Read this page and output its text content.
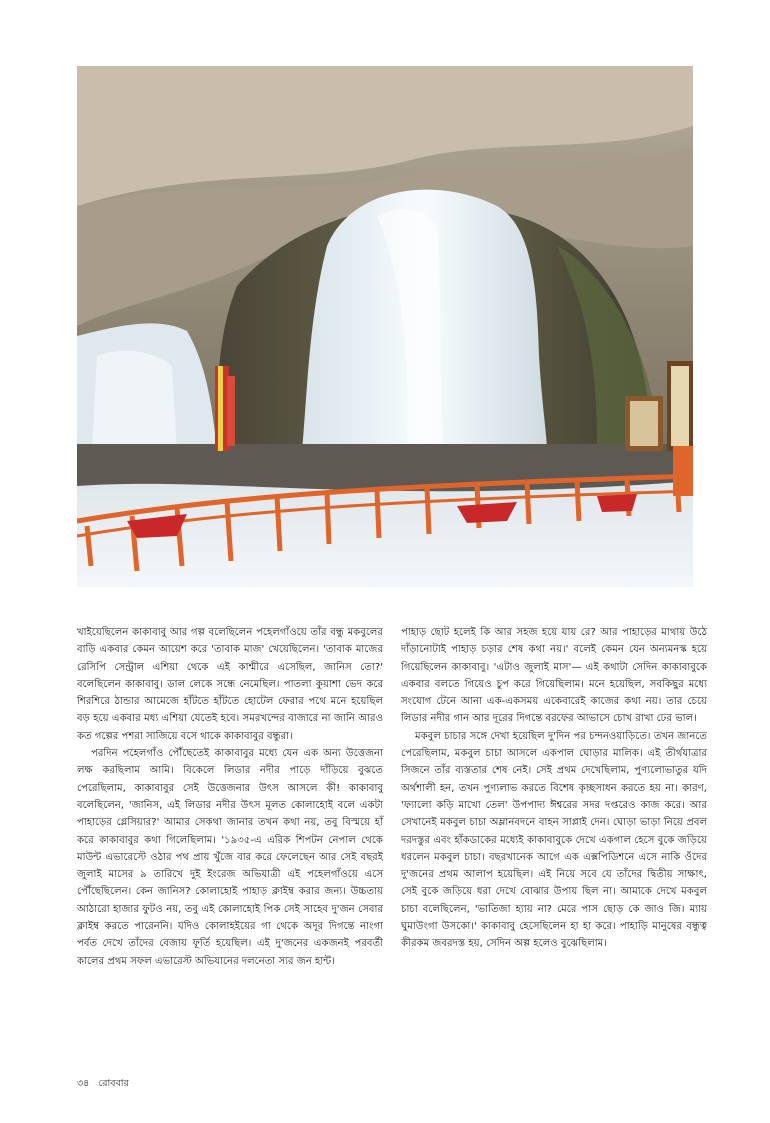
খাইয়েছিলেন কাকাবাবু আর গল্প বলেছিলেন পহেলগাঁওয়ে তাঁর বন্ধু মকবুলের বাড়ি একবার কেমন আয়েশ করে 'তাবাক মাজ' খেয়েছিলেন। 'তাবাক মাজের রেসিপি সেন্ট্রাল এশিয়া থেকে এই কাশ্মীরে এসেছিল, জানিস তো?' বলেছিলেন কাকাবাবু। ডাল লেকে সন্ধে নেমেছিল। পাতলা কুয়াশা ভেদ করে শিরশিরে ঠান্ডার আমেজে হাঁটতে হাঁটতে হোটেল ফেরার পথে মনে হয়েছিল বড় হয়ে একবার মধ্য এশিয়া যেতেই হবে। সমরখন্দের বাজারে না জানি আরও কত গল্পের পশরা সাজিয়ে বসে থাকে কাকাবাবুর বন্ধুরা।

পরদিন পহেলগাঁও পৌঁছেতেই কাকাবাবুর মধ্যে যেন এক অন্য উত্তেজনা লক্ষ করছিলাম আমি। বিকেলে লিডার নদীর পাড়ে দাঁড়িয়ে বুঝতে পেরেছিলাম, কাকাবাবুর সেই উত্তেজনার উৎস আসলে কী! কাকাবাবু বলেছিলেন, 'জানিস, এই লিডার নদীর উৎস মূলত কোলাহোই বলে একটা পাহাড়ের গ্লেসিয়ার?' আমার সেকথা জানার তখন কথা নয়, তবু বিস্ময়ে হাঁ করে কাকাবাবুর কথা গিলেছিলাম। '১৯৩৫-এ এরিক শিপটন নেপাল থেকে মাউন্ট এভারেস্টে ওঠার পথ প্রায় খুঁজে বার করে ফেলেছেন আর সেই বছরই জুলাই মাসের ৯ তারিখে দুই ইংরেজ অভিযাত্রী এই পহেলগাঁওয়ে এসে পৌঁছেছিলেন। কেন জানিস? কোলাহোই পাহাড় ক্লাইম্ব করার জন্য। উচ্চতায় আঠারো হাজার ফুটও নয়, তবু এই কোলাহোই পিক সেই সাহেব দু'জন সেবার ক্লাইম্ব করতে পারেননি। যদিও কোলাহইয়ের গা থেকে অদূর দিগন্তে নাংগা পর্বত দেখে তাঁদের বেজায় ফূর্তি হয়েছিল। এই দু'জনের একজনই পরবর্তী কালের প্রথম সফল এভারেস্ট অভিযানের দলনেতা স্যর জন হান্ট।

পাহাড় ছোট হলেই কি আর সহজ হয়ে যায় রে? আর পাহাড়ের মাথায় উঠে দাঁড়ানোটাই পাহাড় চড়ার শেষ কথা নয়।' বলেই কেমন যেন অন্যমনস্ক হয়ে গিয়েছিলেন কাকাবাবু। 'এটাও জুলাই মাস'— এই কথাটা সেদিন কাকাবাবুকে একবার বলতে গিয়েও চুপ করে গিয়েছিলাম। মনে হয়েছিল, সবকিছুর মধ্যে সংযোগ টেনে আনা এক-একসময় একেবারেই কাজের কথা নয়। তার চেয়ে লিডার নদীর গান আর দূরের দিগন্তে বরফের আভাসে চোখ রাখা ঢের ভাল।

মকবুল চাচার সঙ্গে দেখা হয়েছিল দু'দিন পর চন্দনওয়াড়িতে। তখন জানতে পেরেছিলাম, মকবুল চাচা আসলে একপাল ঘোড়ার মালিক। এই তীর্থযাত্রার সিজনে তাঁর ব্যস্ততার শেষ নেই। সেই প্রথম দেখেছিলাম, পুণ্যলোভাতুর যদি অর্থশালী হন, তখন পুণ্যলাভ করতে বিশেষ কৃচ্ছসাধন করতে হয় না। কারণ, 'ফ্যালো কড়ি মাখো তেল' উপপাদ্য ঈশ্বরের সদর দপ্তরেও কাজ করে। আর সেখানেই মকবুল চাচা অম্লানবদনে বাহন সাপ্লাই দেন। ঘোড়া ভাড়া নিয়ে প্রবল দরদস্তুর এবং হাঁকডাকের মধ্যেই কাকাবাবুকে দেখে একগাল হেসে বুকে জড়িয়ে ধরলেন মকবুল চাচা। বছরখানেক আগে এক এক্সপিডিশনে এসে নাকি ওঁদের দু'জনের প্রথম আলাপ হয়েছিল। এই নিয়ে সবে যে তাঁদের দ্বিতীয় সাক্ষাৎ, সেই বুকে জড়িয়ে ধরা দেখে বোঝার উপায় ছিল না। আমাকে দেখে মকবুল চাচা বলেছিলেন, 'ভাতিজা হ্যায় না? মেরে পাস ছোড় কে জাও জি। ম্যায় ঘুমাউংগা উসকো।' কাকাবাবু হেসেছিলেন হা হা করে। পাহাড়ি মানুষের বন্ধুত্ব কীরকম জবরদস্ত হয়, সেদিন অল্প হলেও বুঝেছিলাম।

৩৪ রোববার
